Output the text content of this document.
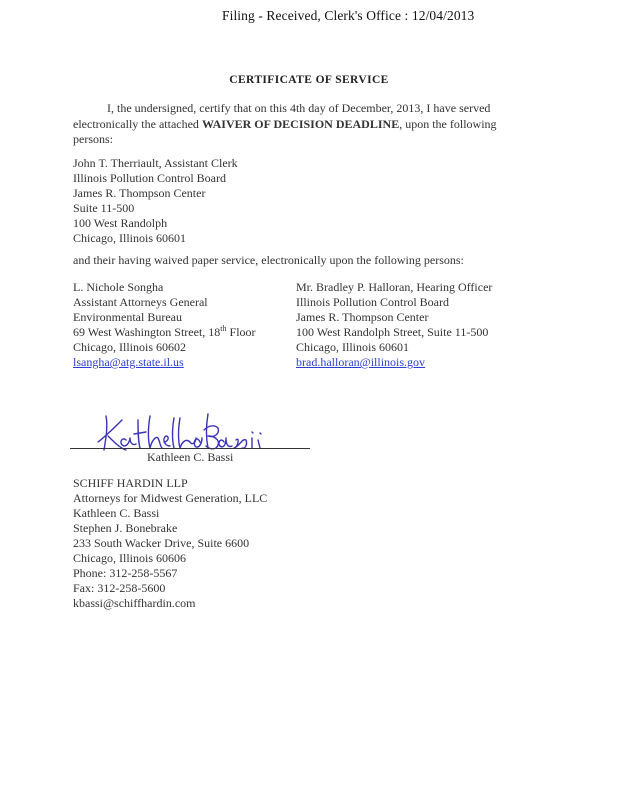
Filing - Received, Clerk's Office : 12/04/2013
CERTIFICATE OF SERVICE
I, the undersigned, certify that on this 4th day of December, 2013, I have served electronically the attached WAIVER OF DECISION DEADLINE, upon the following persons:
John T. Therriault, Assistant Clerk
Illinois Pollution Control Board
James R. Thompson Center
Suite 11-500
100 West Randolph
Chicago, Illinois 60601
and their having waived paper service, electronically upon the following persons:
L. Nichole Songha
Assistant Attorneys General
Environmental Bureau
69 West Washington Street, 18th Floor
Chicago, Illinois 60602
lsangha@atg.state.il.us
Mr. Bradley P. Halloran, Hearing Officer
Illinois Pollution Control Board
James R. Thompson Center
100 West Randolph Street, Suite 11-500
Chicago, Illinois 60601
brad.halloran@illinois.gov
Kathleen C. Bassi
SCHIFF HARDIN LLP
Attorneys for Midwest Generation, LLC
Kathleen C. Bassi
Stephen J. Bonebrake
233 South Wacker Drive, Suite 6600
Chicago, Illinois 60606
Phone: 312-258-5567
Fax: 312-258-5600
kbassi@schiffhardin.com
